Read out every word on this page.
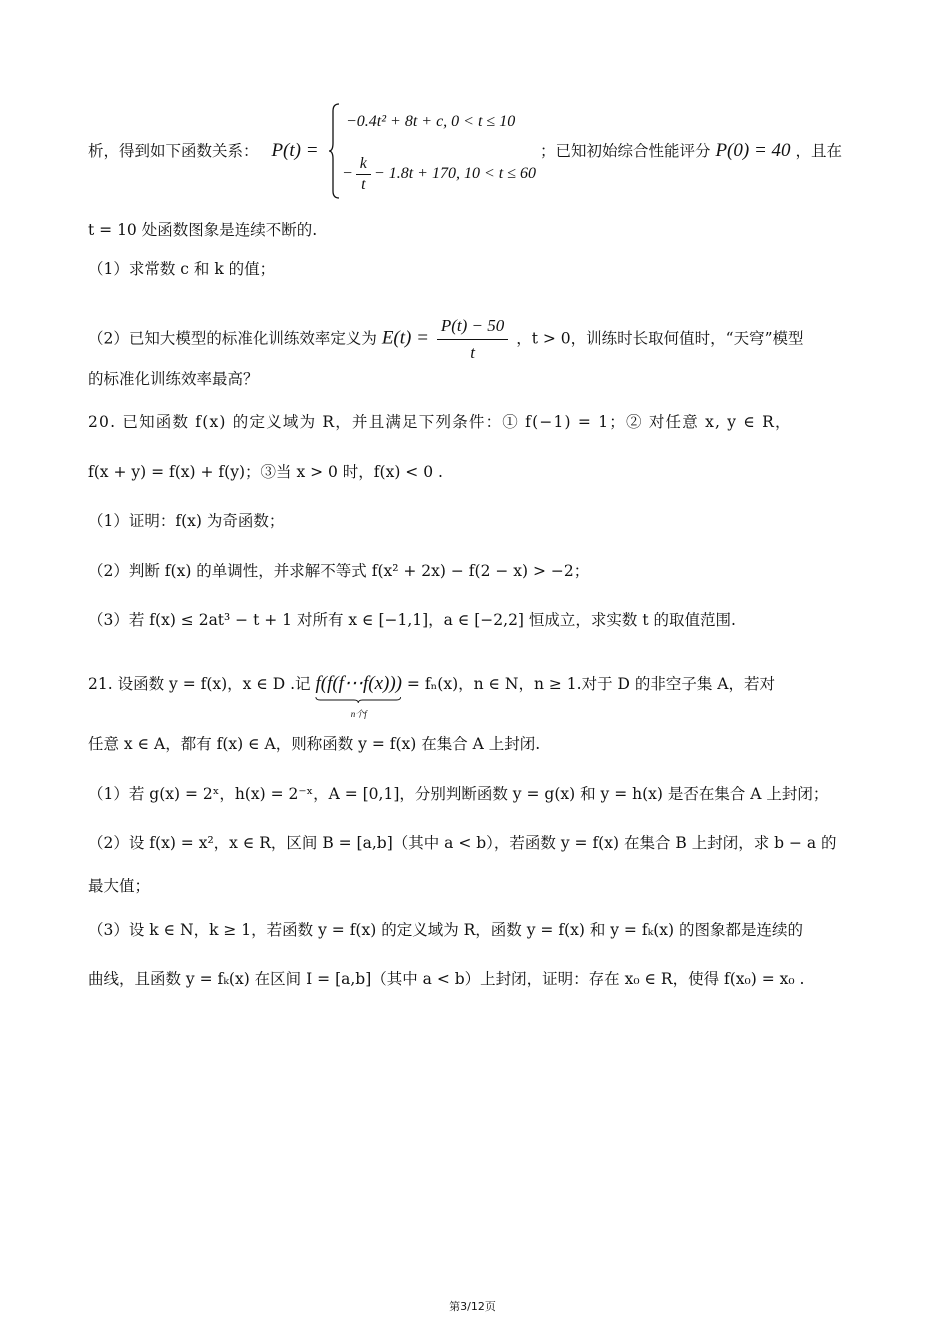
析，得到如下函数关系： P(t) =
−0.4t² + 8t + c, 0 < t ≤ 10
− $\frac{k}{t} - 1.8t + 170$, 10 < t ≤ 60
；已知初始综合性能评分 P(0) = 40 ，且在
t = 10 处函数图象是连续不断的.
（1）求常数 c 和 k 的值；
（2）已知大模型的标准化训练效率定义为 $E(t) = \frac{P(t) - 50}{t}$ ，t > 0，训练时长取何值时，“天穹”模型
的标准化训练效率最高？
20. 已知函数 f(x) 的定义域为 R，并且满足下列条件：① f(−1) = 1；② 对任意 x, y ∈ R，
f(x + y) = f(x) + f(y)；③当 x > 0 时，f(x) < 0 .
（1）证明：f(x) 为奇函数；
（2）判断 f(x) 的单调性，并求解不等式 f(x² + 2x) − f(2 − x) > −2；
（3）若 f(x) ≤ 2at³ − t + 1 对所有 x ∈ [−1,1]，a ∈ [−2,2] 恒成立，求实数 t 的取值范围.
21. 设函数 y = f(x)，x ∈ D .记 f(f(f⋯f(x)))
n个f
= fₙ(x)，n ∈ N，n ≥ 1.对于 D 的非空子集 A，若对
任意 x ∈ A，都有 f(x) ∈ A，则称函数 y = f(x) 在集合 A 上封闭.
（1）若 g(x) = 2ˣ，h(x) = 2⁻ˣ，A = [0,1]，分别判断函数 y = g(x) 和 y = h(x) 是否在集合 A 上封闭；
（2）设 f(x) = x²，x ∈ R，区间 B = [a,b]（其中 a < b），若函数 y = f(x) 在集合 B 上封闭，求 b − a 的
最大值；
（3）设 k ∈ N，k ≥ 1，若函数 y = f(x) 的定义域为 R，函数 y = f(x) 和 y = fₖ(x) 的图象都是连续的
曲线，且函数 y = fₖ(x) 在区间 I = [a,b]（其中 a < b）上封闭，证明：存在 x₀ ∈ R，使得 f(x₀) = x₀ .
第3/12页
